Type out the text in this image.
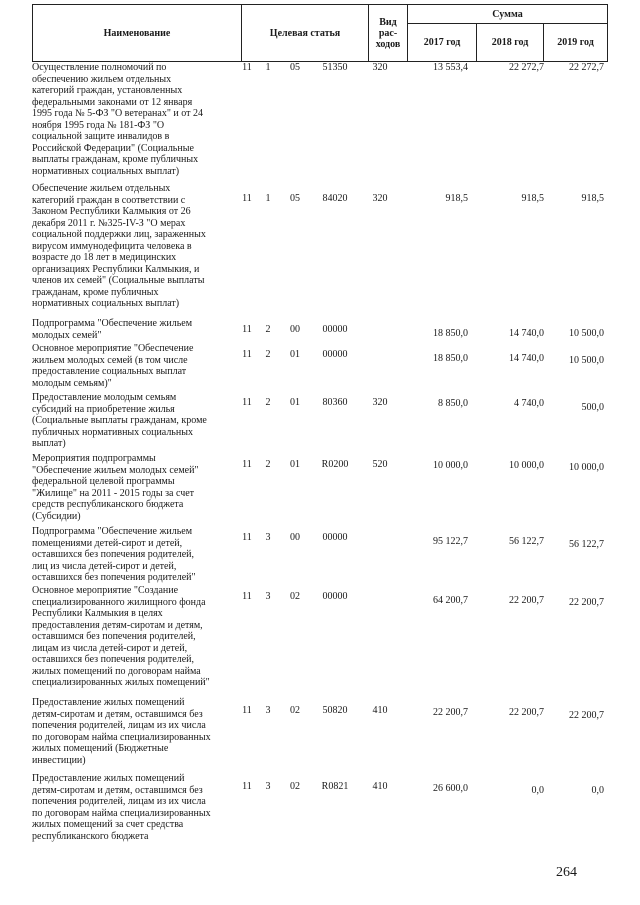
Наименование	Целевая статья
Вид рас-ходов
Сумма
2017 год	2018 год	2019 год
Осуществление полномочий по
обеспечению жильем отдельных
категорий граждан, установленных
федеральными законами от 12 января
1995 года № 5-ФЗ "О ветеранах" и от 24
ноября 1995 года № 181-ФЗ "О
социальной защите инвалидов в
Российской Федерации" (Социальные
выплаты гражданам, кроме публичных
нормативных социальных выплат)
11	1	05	51350	320	13 553,4	22 272,7	22 272,7
Обеспечение жильем отдельных
категорий граждан в соответствии с
Законом Республики Калмыкия от 26
декабря 2011 г. №325-IV-З "О мерах
социальной поддержки лиц, зараженных
вирусом иммунодефицита человека в
возрасте до 18 лет в медицинских
организациях Республики Калмыкия, и
членов их семей" (Социальные выплаты
гражданам, кроме публичных
нормативных социальных выплат)
11	1	05	84020	320	918,5	918,5	918,5
Подпрограмма "Обеспечение жильем
молодых семей"	11	2	00	00000	18 850,0	14 740,0	10 500,0
Основное мероприятие "Обеспечение
жильем молодых семей (в том числе
предоставление социальных выплат
молодым семьям)"
11	2	01	00000	18 850,0	14 740,0	10 500,0
Предоставление молодым семьям
субсидий на приобретение жилья
(Социальные выплаты гражданам, кроме
публичных нормативных социальных
выплат)
11	2	01	80360	320	8 850,0	4 740,0	500,0
Мероприятия подпрограммы
"Обеспечение жильем молодых семей"
федеральной целевой программы
"Жилище" на 2011 - 2015 годы за счет
средств республиканского бюджета
(Субсидии)
11	2	01	R0200	520	10 000,0	10 000,0	10 000,0
Подпрограмма "Обеспечение жильем
помещениями детей-сирот и детей,
оставшихся без попечения родителей,
лиц из числа детей-сирот и детей,
оставшихся без попечения родителей"
11	3	00	00000	95 122,7	56 122,7	56 122,7
Основное мероприятие "Создание
специализированного жилищного фонда
Республики Калмыкия в целях
предоставления детям-сиротам и детям,
оставшимся без попечения родителей,
лицам из числа детей-сирот и детей,
оставшихся без попечения родителей,
жилых помещений по договорам найма
специализированных жилых помещений"
11	3	02	00000	64 200,7	22 200,7	22 200,7
Предоставление жилых помещений
детям-сиротам и детям, оставшимся без
попечения родителей, лицам из их числа
по договорам найма специализированных
жилых помещений (Бюджетные
инвестиции)
11	3	02	50820	410	22 200,7	22 200,7	22 200,7
Предоставление жилых помещений
детям-сиротам и детям, оставшимся без
попечения родителей, лицам из их числа
по договорам найма специализированных
жилых помещений за счет средства
республиканского бюджета
11	3	02	R0821	410	26 600,0	0,0	0,0
264
